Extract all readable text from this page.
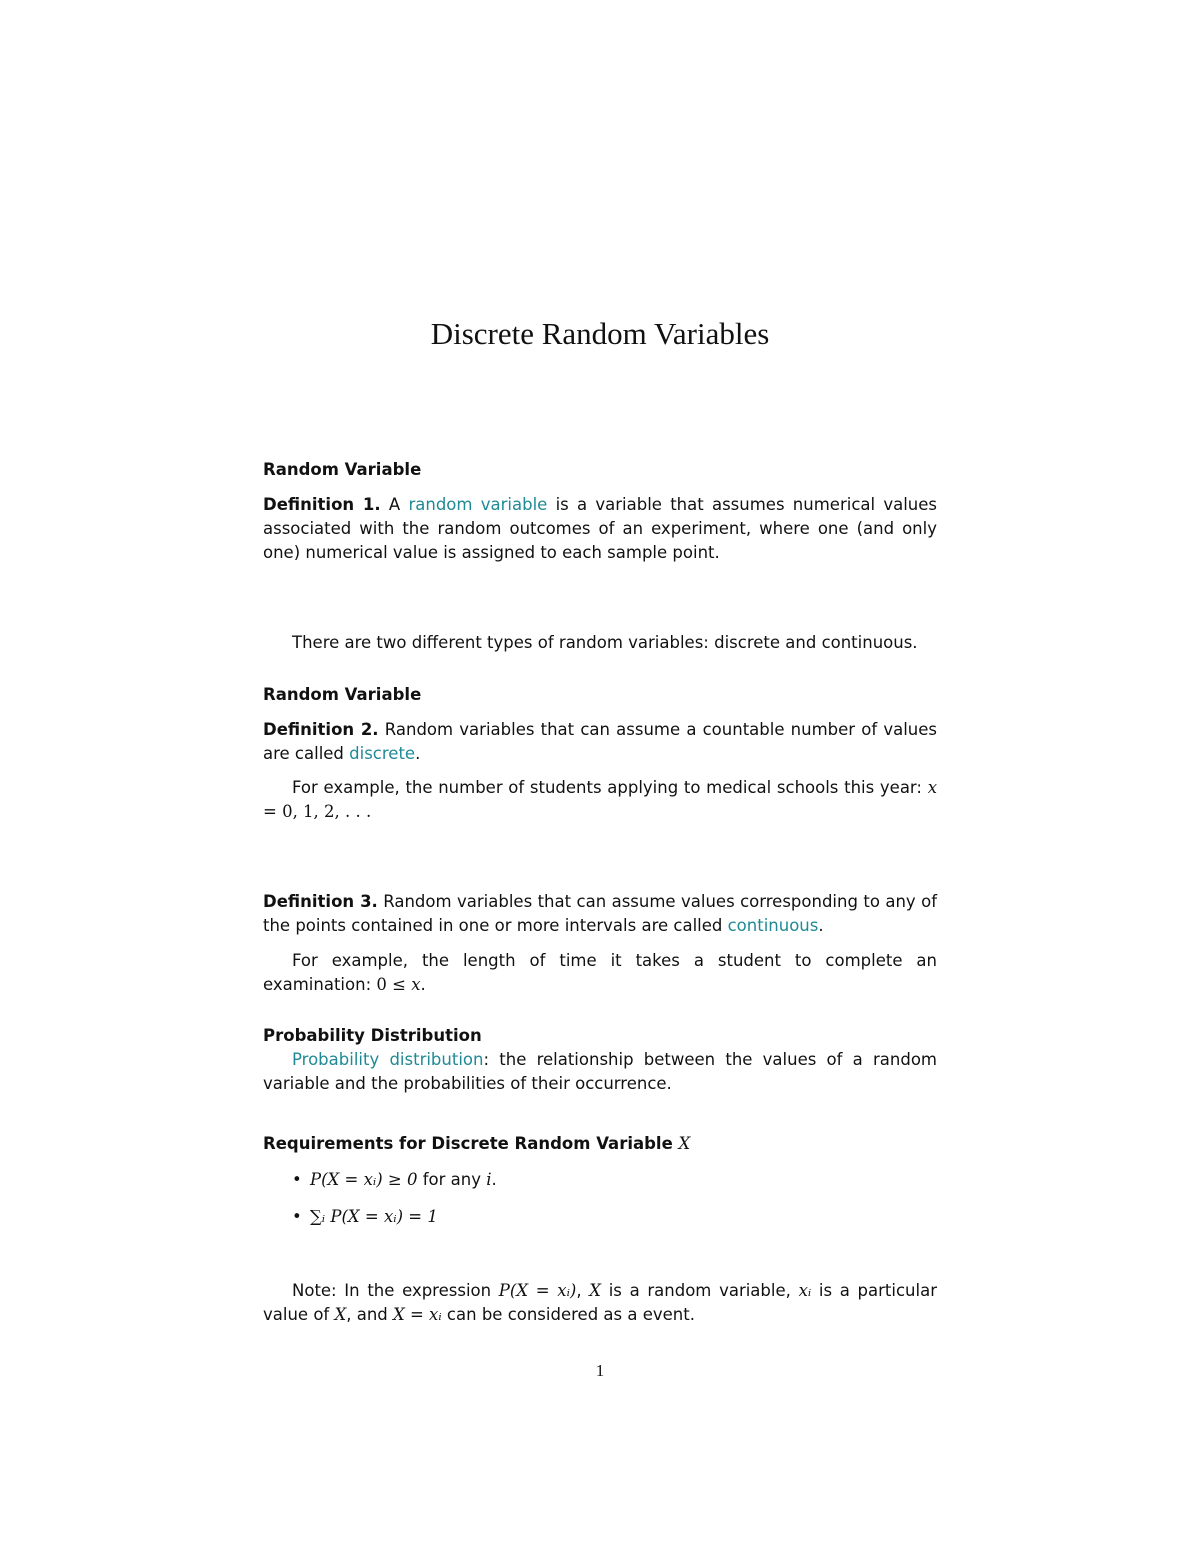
Discrete Random Variables
Random Variable
Definition 1. A random variable is a variable that assumes numerical values associated with the random outcomes of an experiment, where one (and only one) numerical value is assigned to each sample point.
There are two different types of random variables: discrete and continuous.
Random Variable
Definition 2. Random variables that can assume a countable number of values are called discrete.
For example, the number of students applying to medical schools this year: x = 0, 1, 2, . . .
Definition 3. Random variables that can assume values corresponding to any of the points contained in one or more intervals are called continuous.
For example, the length of time it takes a student to complete an examination: 0 ≤ x.
Probability Distribution
Probability distribution: the relationship between the values of a random variable and the probabilities of their occurrence.
Requirements for Discrete Random Variable X
• P(X = xᵢ) ≥ 0 for any i.
• ∑ᵢ P(X = xᵢ) = 1
Note: In the expression P(X = xᵢ), X is a random variable, xᵢ is a particular value of X, and X = xᵢ can be considered as a event.
1
